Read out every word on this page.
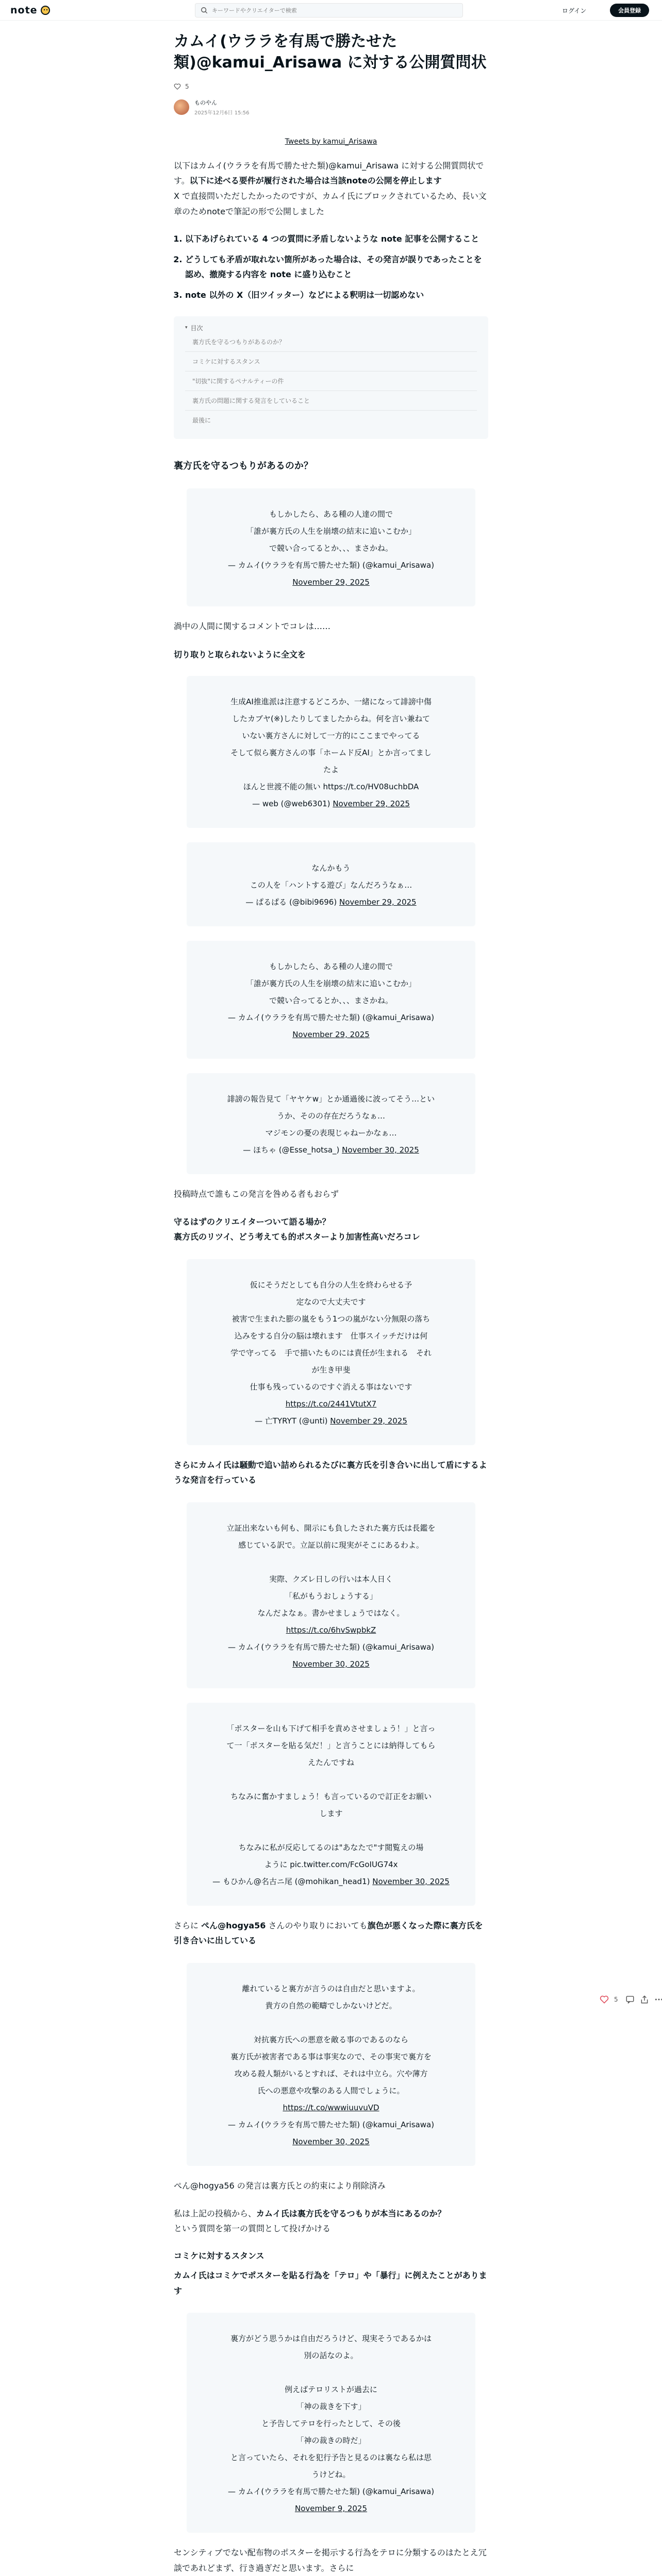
note
キーワードやクリエイターで検索	ログイン	会員登録
カムイ(ウララを有馬で勝たせた類)@kamui_Arisawa に対する公開質問状
5
ものやん
2025年12月6日 15:56
Tweets by kamui_Arisawa

以下はカムイ(ウララを有馬で勝たせた類)@kamui_Arisawa に対する公開質問状です。以下に述べる要件が履行された場合は当該noteの公開を停止します
X で直接問いただしたかったのですが、カムイ氏にブロックされているため、長い文章のためnoteで筆記の形で公開しました

1. 以下あげられている 4 つの質問に矛盾しないような note 記事を公開すること
2. どうしても矛盾が取れない箇所があった場合は、その発言が誤りであったことを認め、撤廃する内容を note に盛り込むこと
3. note 以外の X（旧ツイッター）などによる釈明は一切認めない
▾ 目次
裏方氏を守るつもりがあるのか？
コミケに対するスタンス
"切抜"に関するペナルティーの件
裏方氏の問題に関する発言をしていること
最後に
裏方氏を守るつもりがあるのか？
もしかしたら、ある種の人達の間で
「誰が裏方氏の人生を崩壊の結末に追いこむか」
で競い合ってるとか、、、まさかね。
— カムイ(ウララを有馬で勝たせた類) (@kamui_Arisawa)
November 29, 2025

渦中の人間に関するコメントでコレは……

切り取りと取られないように全文を
生成AI推進派は注意するどころか、一緒になって誹謗中傷
したカブヤ(※)したりしてましたからね。何を言い兼ねて
いない裏方さんに対して一方的にここまでやってる
そして似ら裏方さんの事「ホームド反AI」とか言ってまし
たよ
ほんと世渡不能の無い https://t.co/HV08uchbDA
— web (@web6301) November 29, 2025
なんかもう
この人を「ハントする遊び」なんだろうなぁ…
— ぱるぱる (@bibi9696) November 29, 2025
もしかしたら、ある種の人達の間で
「誰が裏方氏の人生を崩壊の結末に追いこむか」
で競い合ってるとか、、、まさかね。
— カムイ(ウララを有馬で勝たせた類) (@kamui_Arisawa)
November 29, 2025
誹謗の報告見て「ヤヤケw」とか通過後に波ってそう…とい
うか、そのの存在だろうなぁ…
マジモンの憂の表現じゃねーかなぁ…
— ほちゃ (@Esse_hotsa_) November 30, 2025

投稿時点で誰もこの発言を咎める者もおらず

守るはずのクリエイターついて語る場か？
裏方氏のリツイ、どう考えても的ポスターより加害性高いだろコレ

仮にそうだとしても自分の人生を終わらせる予
定なので大丈夫です
被害で生まれた膨の嵐をもう1つの嵐がない分無限の落ち
込みをする自分の脳は壊れます　仕事スイッチだけは何
学で守ってる　手で描いたものには責任が生まれる　それ
が生き甲斐
仕事も残っているのですぐ消える事はないです
https://t.co/2441VtutX7
— 亡TYRYT (@unti) November 29, 2025

さらにカムイ氏は騒動で追い詰められるたびに裏方氏を引き合いに出して盾にするような発言を行っている

立証出来ないも何も、開示にも負したされた裏方氏は長鑑を
感じている訳で。立証以前に現実がそこにあるわよ。

実際、クズレ日しの行いは本人日く
「私がもうおしょうする」
なんだよなぁ。書かせましょうではなく。
https://t.co/6hvSwpbkZ
— カムイ(ウララを有馬で勝たせた類) (@kamui_Arisawa)
November 30, 2025
「ポスターを山も下げて相手を責めさせましょう！」と言っ
て一「ポスターを貼る気だ！」と言うことには納得してもら
えたんですね

ちなみに奮かすましょう！も言っているので訂正をお願い
します

ちなみに私が反応してるのは"あなたで"す閲覧えの場
ように pic.twitter.com/FcGoIUG74x
— もひかん@名古ニ尾 (@mohikan_head1) November 30, 2025

さらに ぺん@hogya56 さんのやり取りにおいても旗色が悪くなった際に裏方氏を引き合いに出している

離れていると裏方が言うのは自由だと思いますよ。
貴方の自然の範疇でしかないけどだ。

対抗裏方氏への悪意を敵る事のであるのなら
裏方氏が被害者である事は事実なので、その事実で裏方を
攻める殺人類がいるとすれば、それは中立ら。穴や薄方
氏への悪意や攻撃のある人間でしょうに。
https://t.co/wwwiuuvuVD
— カムイ(ウララを有馬で勝たせた類) (@kamui_Arisawa)
November 30, 2025

ぺん@hogya56 の発言は裏方氏との約束により削除済み

私は上記の投稿から、カムイ氏は裏方氏を守るつもりが本当にあるのか？
という質問を第一の質問として投げかける

コミケに対するスタンス

カムイ氏はコミケでポスターを貼る行為を「テロ」や「暴行」に例えたことがあります

裏方がどう思うかは自由だろうけど、現実そうであるかは
別の話なのよ。

例えばテロリストが過去に
「神の裁きを下す」
と予告してテロを行ったとして、その後
「神の裁きの時だ」
と言っていたら、それを犯行予告と見るのは裏なら私は思
うけどね。
— カムイ(ウララを有馬で勝たせた類) (@kamui_Arisawa)
November 9, 2025

センシティブでない配布物のポスターを掲示する行為をテロに分類するのはたとえ冗談であれどまず、行き過ぎだと思います。さらに

5
